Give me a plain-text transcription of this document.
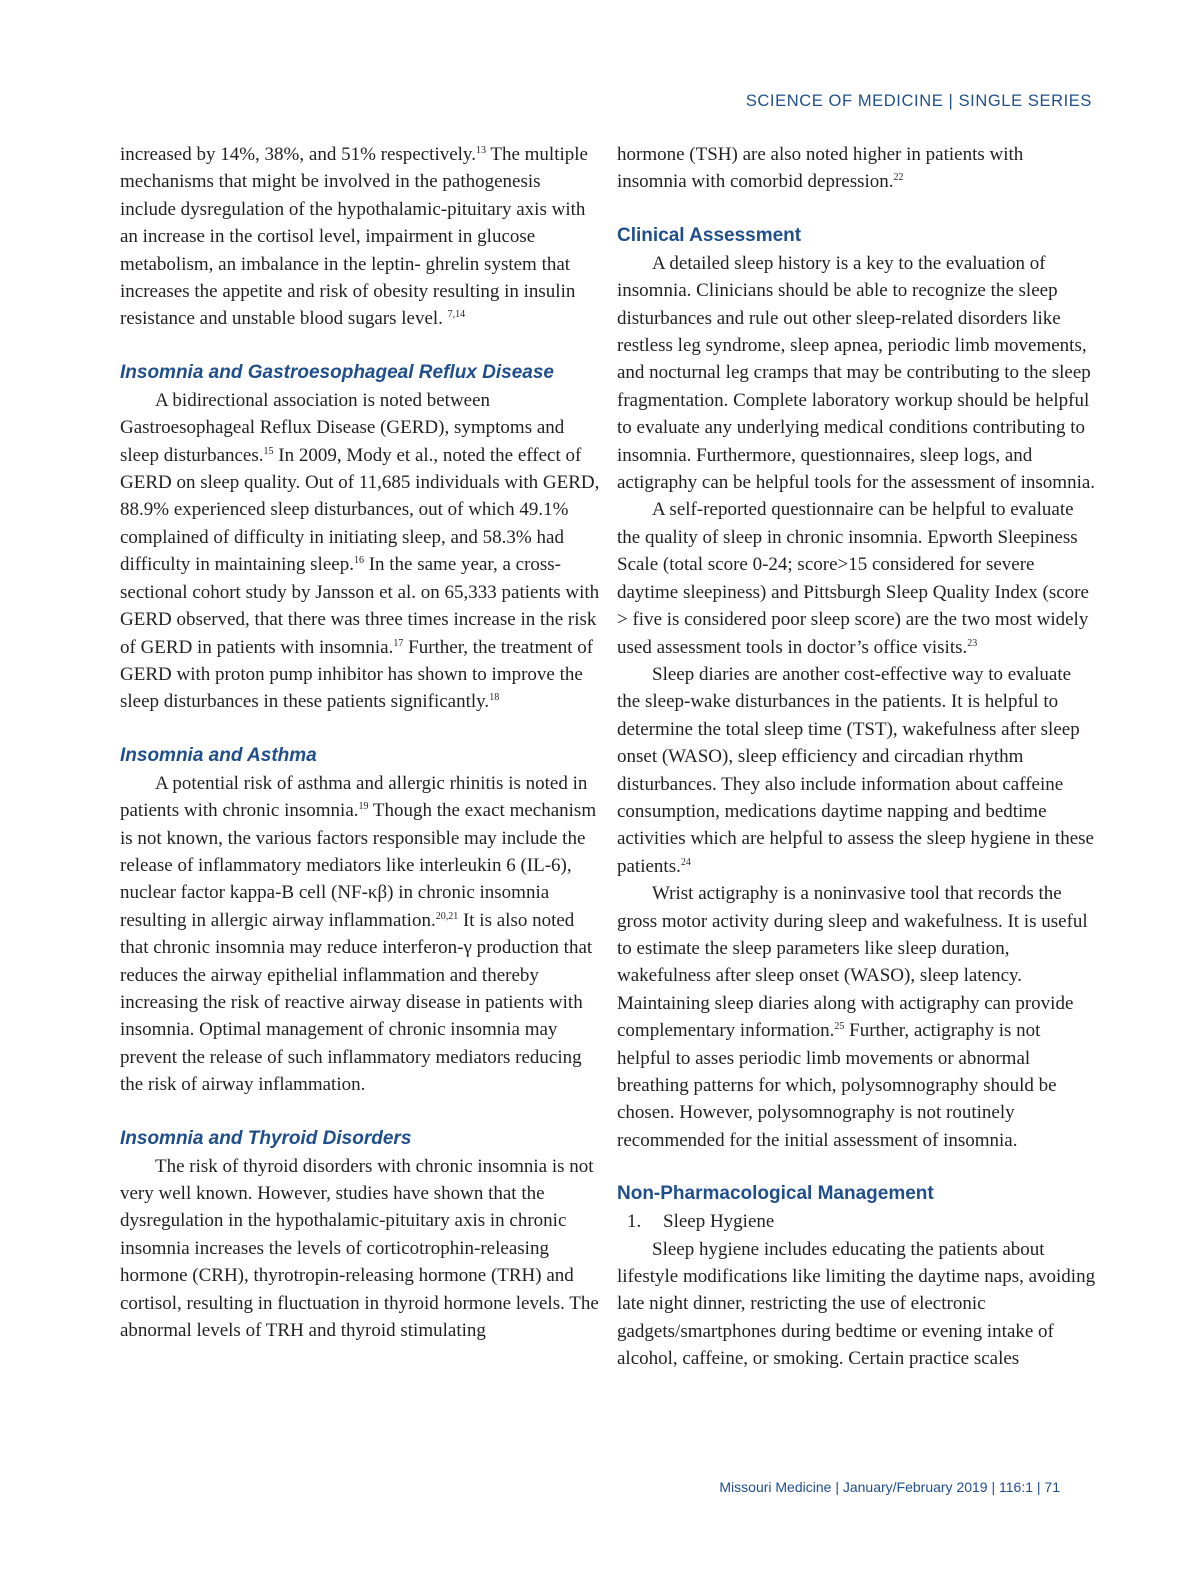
SCIENCE OF MEDICINE | SINGLE SERIES

increased by 14%, 38%, and 51% respectively.$^{13}$ The multiple mechanisms that might be involved in the pathogenesis include dysregulation of the hypothalamic-pituitary axis with an increase in the cortisol level, impairment in glucose metabolism, an imbalance in the leptin- ghrelin system that increases the appetite and risk of obesity resulting in insulin resistance and unstable blood sugars level. $^{7,14}$

Insomnia and Gastroesophageal Reflux Disease

A bidirectional association is noted between Gastroesophageal Reflux Disease (GERD), symptoms and sleep disturbances.$^{15}$ In 2009, Mody et al., noted the effect of GERD on sleep quality. Out of 11,685 individuals with GERD, 88.9% experienced sleep disturbances, out of which 49.1% complained of difficulty in initiating sleep, and 58.3% had difficulty in maintaining sleep.$^{16}$ In the same year, a cross-sectional cohort study by Jansson et al. on 65,333 patients with GERD observed, that there was three times increase in the risk of GERD in patients with insomnia.$^{17}$ Further, the treatment of GERD with proton pump inhibitor has shown to improve the sleep disturbances in these patients significantly.$^{18}$

Insomnia and Asthma

A potential risk of asthma and allergic rhinitis is noted in patients with chronic insomnia.$^{19}$ Though the exact mechanism is not known, the various factors responsible may include the release of inflammatory mediators like interleukin 6 (IL-6), nuclear factor kappa-B cell (NF-κβ) in chronic insomnia resulting in allergic airway inflammation.$^{20,21}$ It is also noted that chronic insomnia may reduce interferon-γ production that reduces the airway epithelial inflammation and thereby increasing the risk of reactive airway disease in patients with insomnia. Optimal management of chronic insomnia may prevent the release of such inflammatory mediators reducing the risk of airway inflammation.

Insomnia and Thyroid Disorders

The risk of thyroid disorders with chronic insomnia is not very well known. However, studies have shown that the dysregulation in the hypothalamic-pituitary axis in chronic insomnia increases the levels of corticotrophin-releasing hormone (CRH), thyrotropin-releasing hormone (TRH) and cortisol, resulting in fluctuation in thyroid hormone levels. The abnormal levels of TRH and thyroid stimulating

hormone (TSH) are also noted higher in patients with insomnia with comorbid depression.$^{22}$

Clinical Assessment

A detailed sleep history is a key to the evaluation of insomnia. Clinicians should be able to recognize the sleep disturbances and rule out other sleep-related disorders like restless leg syndrome, sleep apnea, periodic limb movements, and nocturnal leg cramps that may be contributing to the sleep fragmentation. Complete laboratory workup should be helpful to evaluate any underlying medical conditions contributing to insomnia. Furthermore, questionnaires, sleep logs, and actigraphy can be helpful tools for the assessment of insomnia.

A self-reported questionnaire can be helpful to evaluate the quality of sleep in chronic insomnia. Epworth Sleepiness Scale (total score 0-24; score>15 considered for severe daytime sleepiness) and Pittsburgh Sleep Quality Index (score > five is considered poor sleep score) are the two most widely used assessment tools in doctor’s office visits.$^{23}$

Sleep diaries are another cost-effective way to evaluate the sleep-wake disturbances in the patients. It is helpful to determine the total sleep time (TST), wakefulness after sleep onset (WASO), sleep efficiency and circadian rhythm disturbances. They also include information about caffeine consumption, medications daytime napping and bedtime activities which are helpful to assess the sleep hygiene in these patients.$^{24}$

Wrist actigraphy is a noninvasive tool that records the gross motor activity during sleep and wakefulness. It is useful to estimate the sleep parameters like sleep duration, wakefulness after sleep onset (WASO), sleep latency. Maintaining sleep diaries along with actigraphy can provide complementary information.$^{25}$ Further, actigraphy is not helpful to asses periodic limb movements or abnormal breathing patterns for which, polysomnography should be chosen. However, polysomnography is not routinely recommended for the initial assessment of insomnia.

Non-Pharmacological Management

1. Sleep Hygiene

Sleep hygiene includes educating the patients about lifestyle modifications like limiting the daytime naps, avoiding late night dinner, restricting the use of electronic gadgets/smartphones during bedtime or evening intake of alcohol, caffeine, or smoking. Certain practice scales

Missouri Medicine | January/February 2019 | 116:1 | 71
